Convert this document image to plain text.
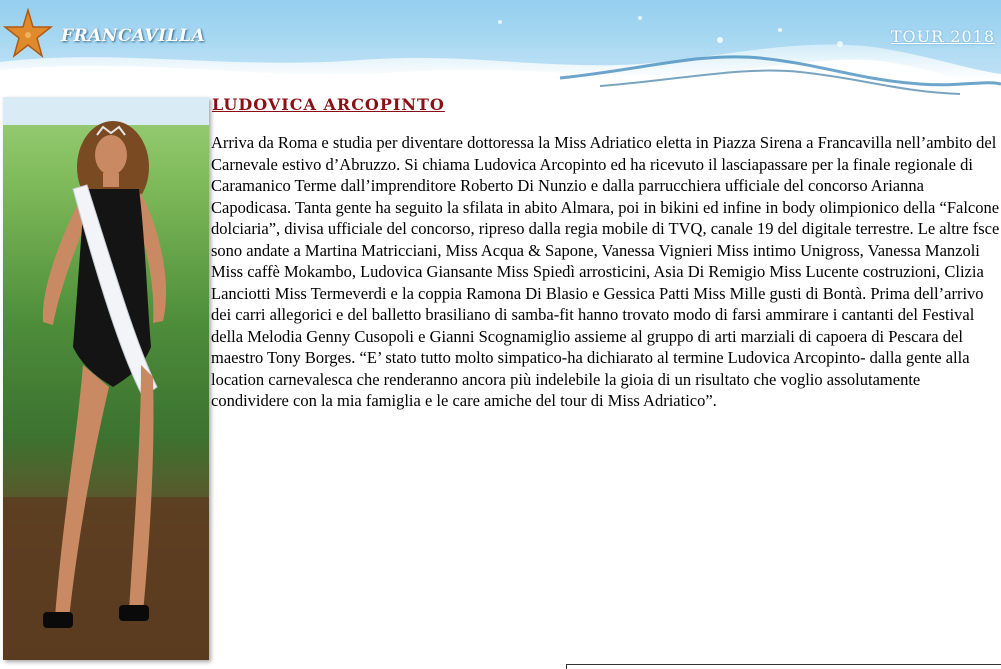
FRANCAVILLA	TOUR 2018
LUDOVICA ARCOPINTO

Arriva da Roma e studia per diventare dottoressa la Miss Adriatico eletta in Piazza Sirena a Francavilla nell’ambito del Carnevale estivo d’Abruzzo. Si chiama Ludovica Arcopinto ed ha ricevuto il lasciapassare per la finale regionale di Caramanico Terme dall’imprenditore Roberto Di Nunzio e dalla parrucchiera ufficiale del concorso Arianna Capodicasa. Tanta gente ha seguito la sfilata in abito Almara, poi in bikini ed infine in body olimpionico della “Falcone dolciaria”, divisa ufficiale del concorso, ripreso dalla regia mobile di TVQ, canale 19 del digitale terrestre. Le altre fsce sono andate a Martina Matricciani, Miss Acqua & Sapone, Vanessa Vignieri Miss intimo Unigross, Vanessa Manzoli Miss caffè Mokambo, Ludovica Giansante Miss Spiedì arrosticini, Asia Di Remigio Miss Lucente costruzioni, Clizia Lanciotti Miss Termeverdi e la coppia Ramona Di Blasio e Gessica Patti Miss Mille gusti di Bontà. Prima dell’arrivo dei carri allegorici e del balletto brasiliano di samba-fit hanno trovato modo di farsi ammirare i cantanti del Festival della Melodia Genny Cusopoli e Gianni Scognamiglio assieme al gruppo di arti marziali di capoera di Pescara del maestro Tony Borges. “E’ stato tutto molto simpatico-ha dichiarato al termine Ludovica Arcopinto- dalla gente alla location carnevalesca che renderanno ancora più indelebile la gioia di un risultato che voglio assolutamente condividere con la mia famiglia e le care amiche del tour di Miss Adriatico”.
